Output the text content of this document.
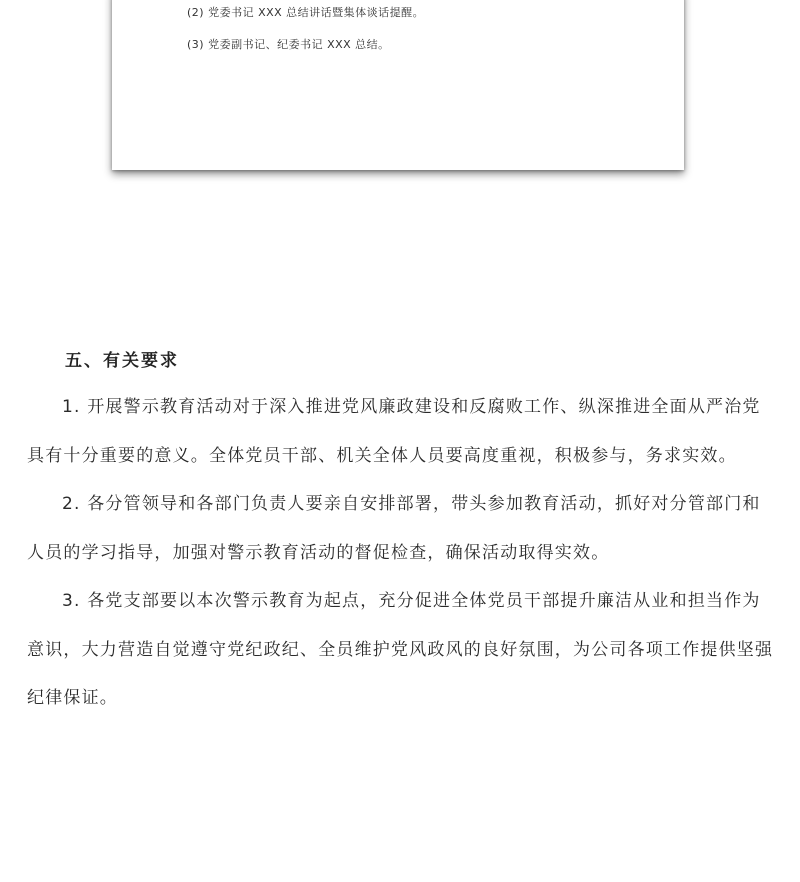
(2) 党委书记 XXX 总结讲话暨集体谈话提醒。
(3) 党委副书记、纪委书记 XXX 总结。
五、有关要求

1. 开展警示教育活动对于深入推进党风廉政建设和反腐败工作、纵深推进全面从严治党具有十分重要的意义。全体党员干部、机关全体人员要高度重视，积极参与，务求实效。

2. 各分管领导和各部门负责人要亲自安排部署，带头参加教育活动，抓好对分管部门和人员的学习指导，加强对警示教育活动的督促检查，确保活动取得实效。

3. 各党支部要以本次警示教育为起点，充分促进全体党员干部提升廉洁从业和担当作为意识，大力营造自觉遵守党纪政纪、全员维护党风政风的良好氛围，为公司各项工作提供坚强纪律保证。
